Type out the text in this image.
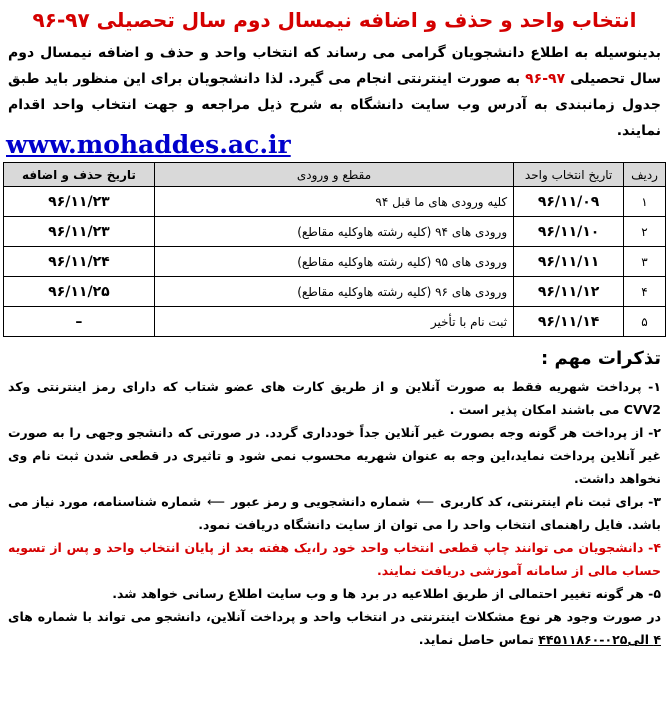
انتخاب واحد و حذف و اضافه نیمسال دوم سال تحصیلی ۹۷-۹۶
بدینوسیله به اطلاع دانشجویان گرامی می رساند که انتخاب واحد و حذف و اضافه نیمسال دوم سال تحصیلی ۹۷-۹۶ به صورت اینترنتی انجام می گیرد. لذا دانشجویان برای این منظور باید طبق جدول زمانبندی به آدرس وب سایت دانشگاه به شرح ذیل مراجعه و جهت انتخاب واحد اقدام نمایند.
www.mohaddes.ac.ir
ردیف	تاریخ انتخاب واحد	مقطع و ورودی	تاریخ حذف و اضافه
۱	۹۶/۱۱/۰۹	کلیه ورودی های ما قبل ۹۴	۹۶/۱۱/۲۳
۲	۹۶/۱۱/۱۰	ورودی های ۹۴ (کلیه رشته هاوکلیه مقاطع)	۹۶/۱۱/۲۳
۳	۹۶/۱۱/۱۱	ورودی های ۹۵ (کلیه رشته هاوکلیه مقاطع)	۹۶/۱۱/۲۴
۴	۹۶/۱۱/۱۲	ورودی های ۹۶ (کلیه رشته هاوکلیه مقاطع)	۹۶/۱۱/۲۵
۵	۹۶/۱۱/۱۴	ثبت نام با تأخیر	–
تذکرات مهم :

۱- پرداخت شهریه فقط به صورت آنلاین و از طریق کارت های عضو شتاب که دارای رمز اینترنتی وکد CVV2 می باشند امکان پذیر است .

۲- از پرداخت هر گونه وجه بصورت غیر آنلاین جداً خودداری گردد. در صورتی که دانشجو وجهی را به صورت غیر آنلاین پرداخت نماید،این وجه به عنوان شهریه محسوب نمی شود و تاثیری در قطعی شدن ثبت نام وی نخواهد داشت.

۳- برای ثبت نام اینترنتی، کد کاربری⟵شماره دانشجویی و رمز عبور⟵شماره شناسنامه، مورد نیاز می باشد. فایل راهنمای انتخاب واحد را می توان از سایت دانشگاه دریافت نمود.

۴- دانشجویان می توانند چاپ قطعی انتخاب واحد خود را،یک هفته بعد از پایان انتخاب واحد و پس از تسویه حساب مالی از سامانه آموزشی دریافت نمایند.

۵- هر گونه تغییر احتمالی از طریق اطلاعیه در برد ها و وب سایت اطلاع رسانی خواهد شد.

در صورت وجود هر نوع مشکلات اینترنتی در انتخاب واحد و پرداخت آنلاین، دانشجو می تواند با شماره های ۴ الی۰۲۵-۴۴۵۱۱۸۶۰ تماس حاصل نماید.
